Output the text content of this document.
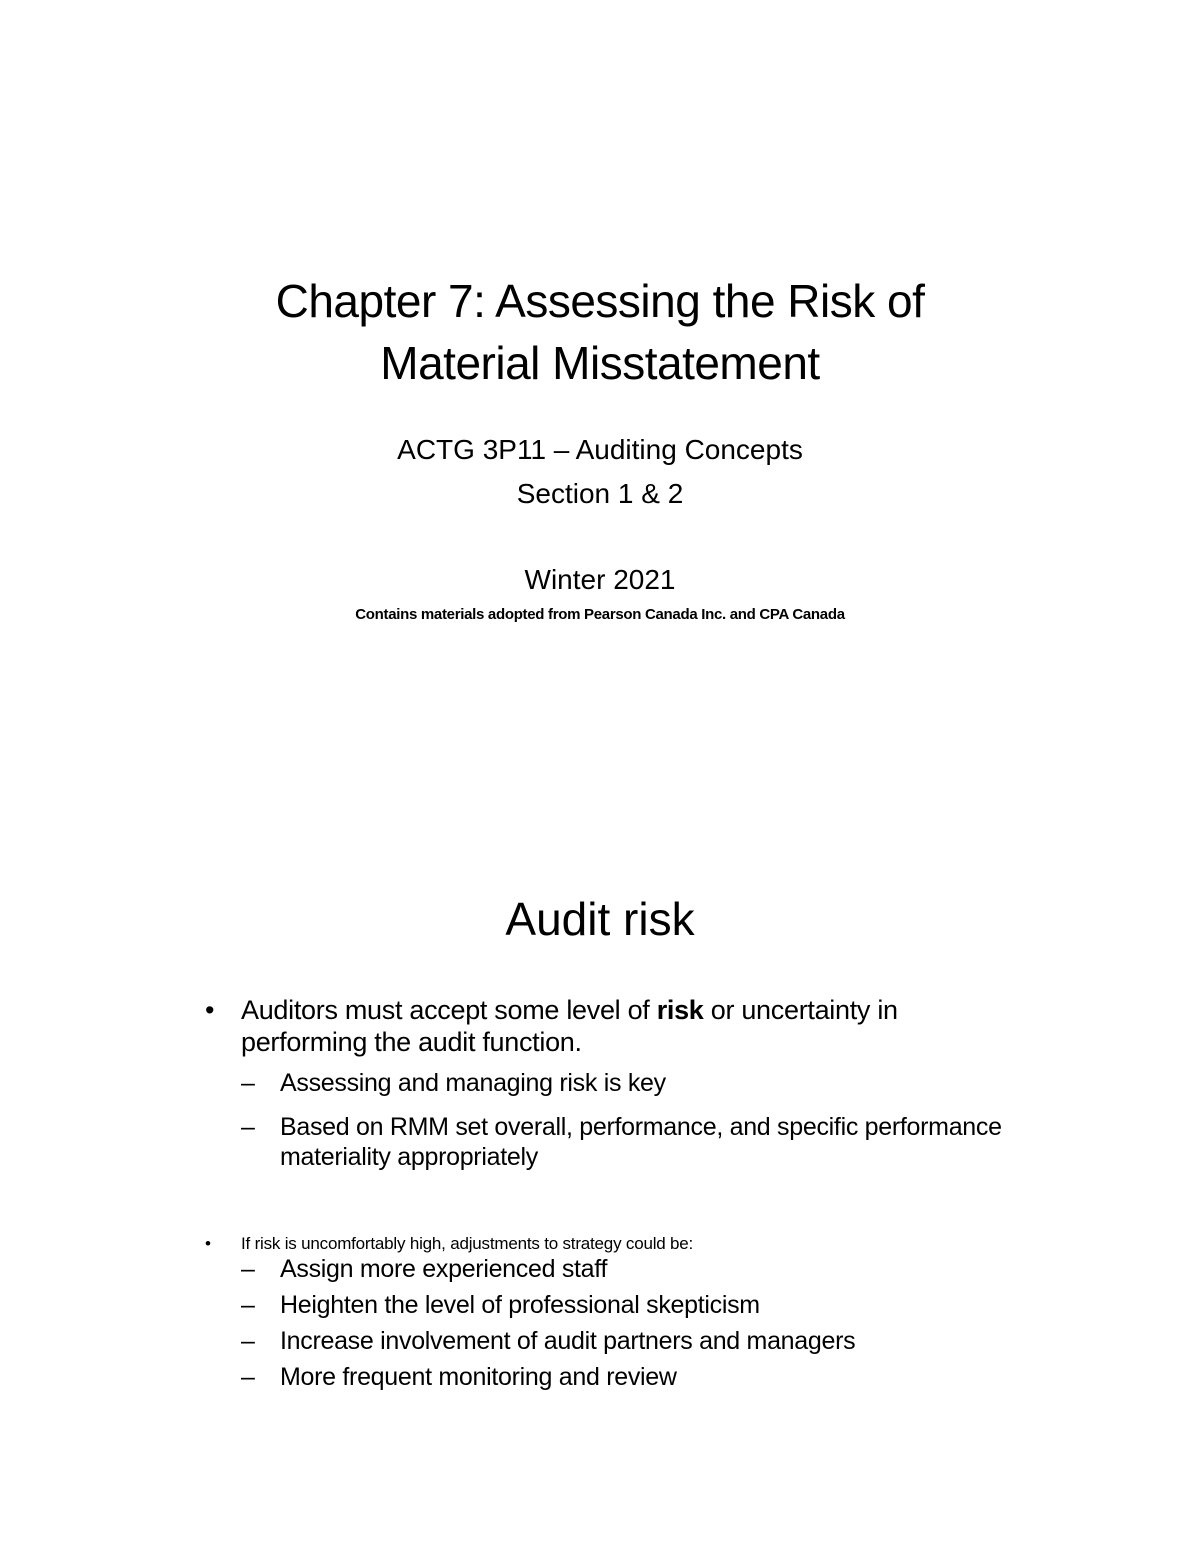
Chapter 7: Assessing the Risk of
Material Misstatement
ACTG 3P11 – Auditing Concepts
Section 1 & 2
Winter 2021
Contains materials adopted from Pearson Canada Inc. and CPA Canada
Audit risk
• Auditors must accept some level of risk or uncertainty in performing the audit function.
– Assessing and managing risk is key
– Based on RMM set overall, performance, and specific performance materiality appropriately
• If risk is uncomfortably high, adjustments to strategy could be:
– Assign more experienced staff
– Heighten the level of professional skepticism
– Increase involvement of audit partners and managers
– More frequent monitoring and review
